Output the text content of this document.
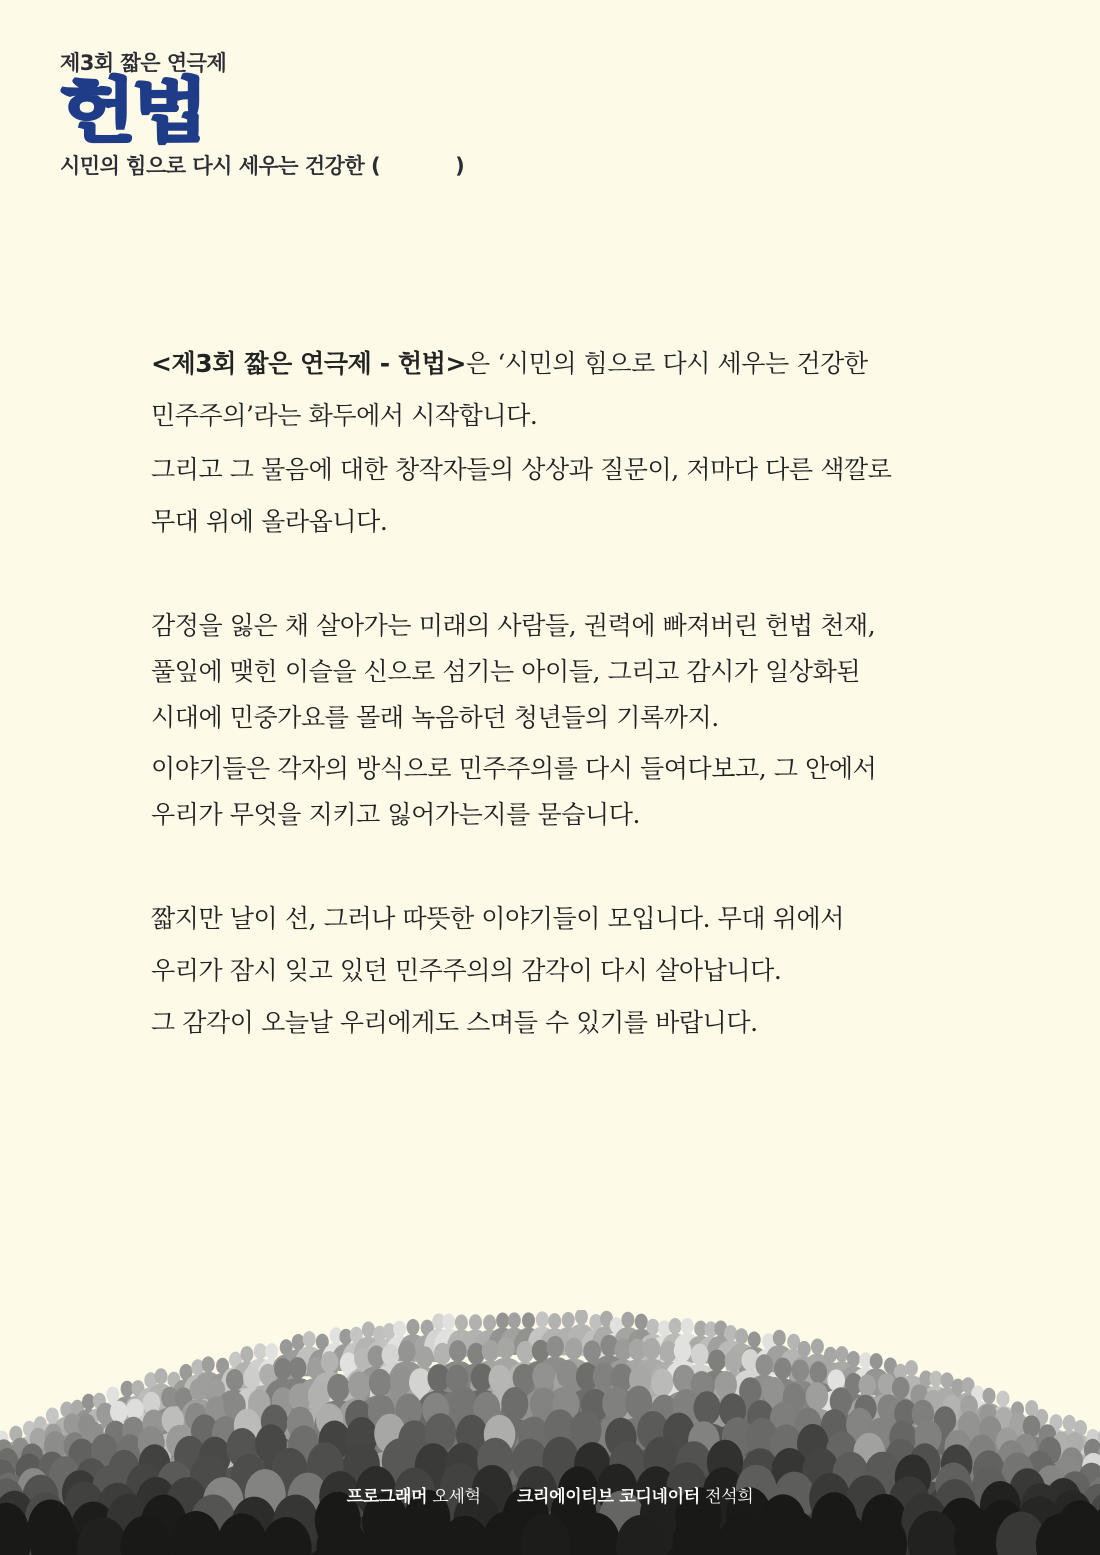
제3회 짧은 연극제
헌법
시민의 힘으로 다시 세우는 건강한 (           )

<제3회 짧은 연극제 - 헌법>은 ‘시민의 힘으로 다시 세우는 건강한
민주주의’라는 화두에서 시작합니다.
그리고 그 물음에 대한 창작자들의 상상과 질문이, 저마다 다른 색깔로
무대 위에 올라옵니다.

감정을 잃은 채 살아가는 미래의 사람들, 권력에 빠져버린 헌법 천재,
풀잎에 맺힌 이슬을 신으로 섬기는 아이들, 그리고 감시가 일상화된
시대에 민중가요를 몰래 녹음하던 청년들의 기록까지.
이야기들은 각자의 방식으로 민주주의를 다시 들여다보고, 그 안에서
우리가 무엇을 지키고 잃어가는지를 묻습니다.

짧지만 날이 선, 그러나 따뜻한 이야기들이 모입니다. 무대 위에서
우리가 잠시 잊고 있던 민주주의의 감각이 다시 살아납니다.
그 감각이 오늘날 우리에게도 스며들 수 있기를 바랍니다.

프로그래머 오세혁 크리에이티브 코디네이터 전석희
